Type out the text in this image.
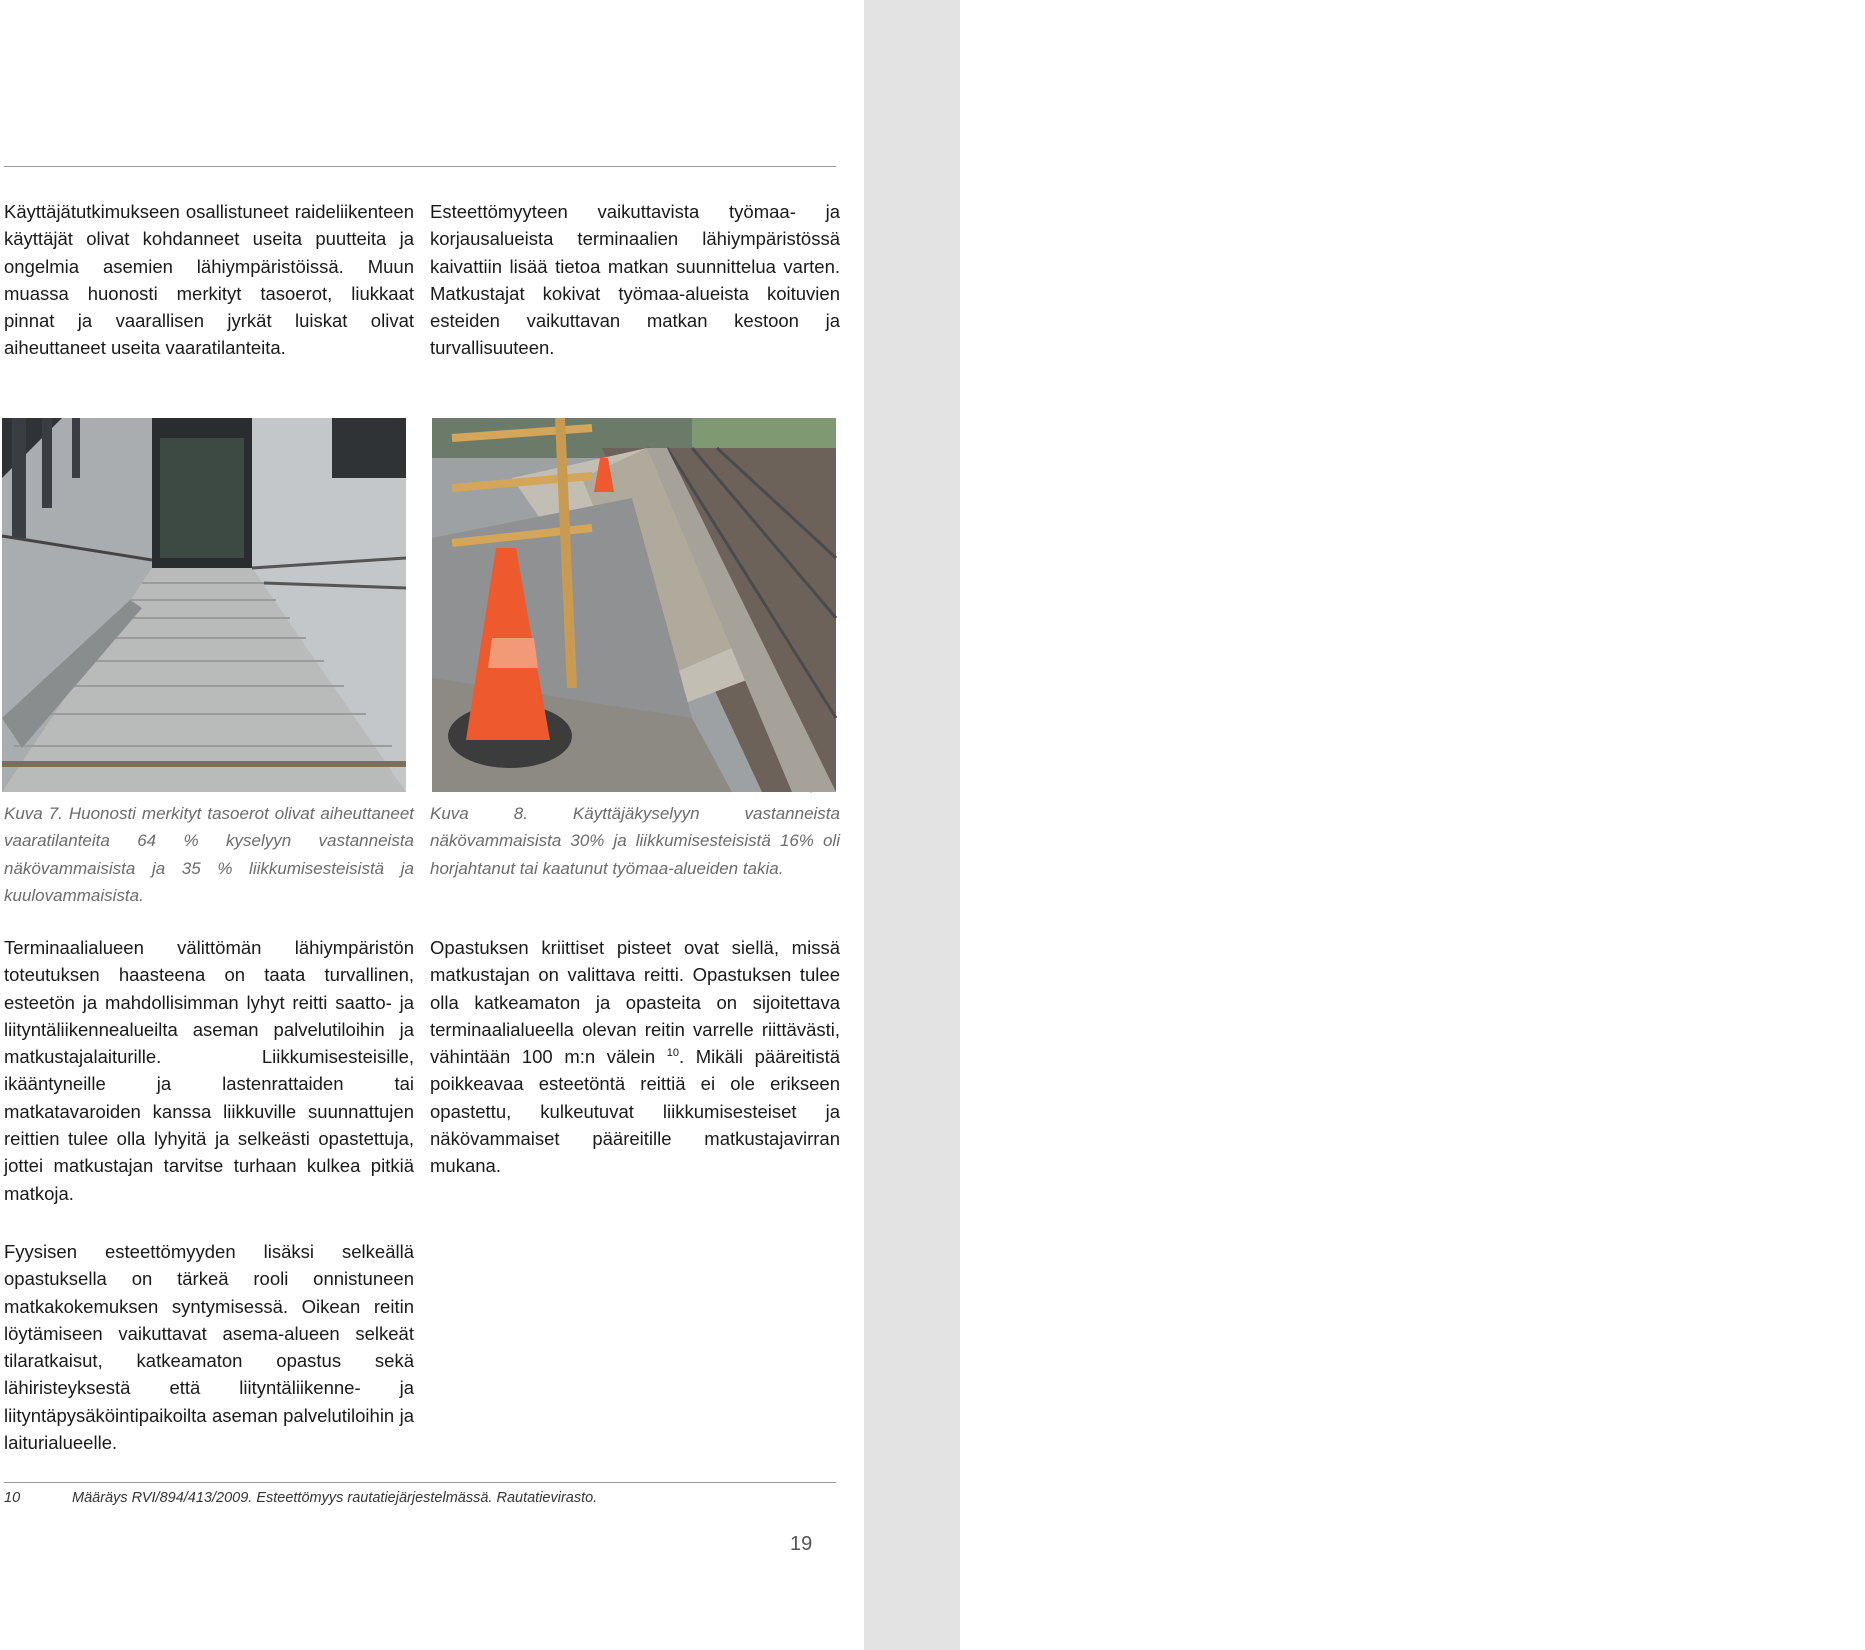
LÄHIYMPÄRISTÖ

Käyttäjätutkimukseen osallistuneet raideliikenteen käyttäjät olivat kohdanneet useita puutteita ja ongelmia asemien lähiympäristöissä. Muun muassa huonosti merkityt tasoerot, liukkaat pinnat ja vaarallisen jyrkät luiskat olivat aiheuttaneet useita vaaratilanteita.

Kuva 7. Huonosti merkityt tasoerot olivat aiheuttaneet vaaratilanteita 64 % kyselyyn vastanneista näkövammaisista ja 35 % liikkumisesteisistä ja kuulovammaisista.

Terminaalialueen välittömän lähiympäristön toteutuksen haasteena on taata turvallinen, esteetön ja mahdollisimman lyhyt reitti saatto- ja liityntäliikennealueilta aseman palvelutiloihin ja matkustajalaiturille. Liikkumisesteisille, ikääntyneille ja lastenrattaiden tai matkatavaroiden kanssa liikkuville suunnattujen reittien tulee olla lyhyitä ja selkeästi opastettuja, jottei matkustajan tarvitse turhaan kulkea pitkiä matkoja.

Fyysisen esteettömyyden lisäksi selkeällä opastuksella on tärkeä rooli onnistuneen matkakokemuksen syntymisessä. Oikean reitin löytämiseen vaikuttavat asema-alueen selkeät tilaratkaisut, katkeamaton opastus sekä lähiristeyksestä että liityntäliikenne- ja liityntäpysäköintipaikoilta aseman palvelutiloihin ja laiturialueelle.

Esteettömyyteen vaikuttavista työmaa- ja korjausalueista terminaalien lähiympäristössä kaivattiin lisää tietoa matkan suunnittelua varten. Matkustajat kokivat työmaa-alueista koituvien esteiden vaikuttavan matkan kestoon ja turvallisuuteen.

Kuva 8. Käyttäjäkyselyyn vastanneista näkövammaisista 30% ja liikkumisesteisistä 16% oli horjahtanut tai kaatunut työmaa-alueiden takia.

Opastuksen kriittiset pisteet ovat siellä, missä matkustajan on valittava reitti. Opastuksen tulee olla katkeamaton ja opasteita on sijoitettava terminaalialueella olevan reitin varrelle riittävästi, vähintään 100 m:n välein $^{10}$. Mikäli pääreitistä poikkeavaa esteetöntä reittiä ei ole erikseen opastettu, kulkeutuvat liikkumisesteiset ja näkövammaiset pääreitille matkustajavirran mukana.

10	Määräys RVI/894/413/2009. Esteettömyys rautatiejärjestelmässä. Rautatievirasto.
19
